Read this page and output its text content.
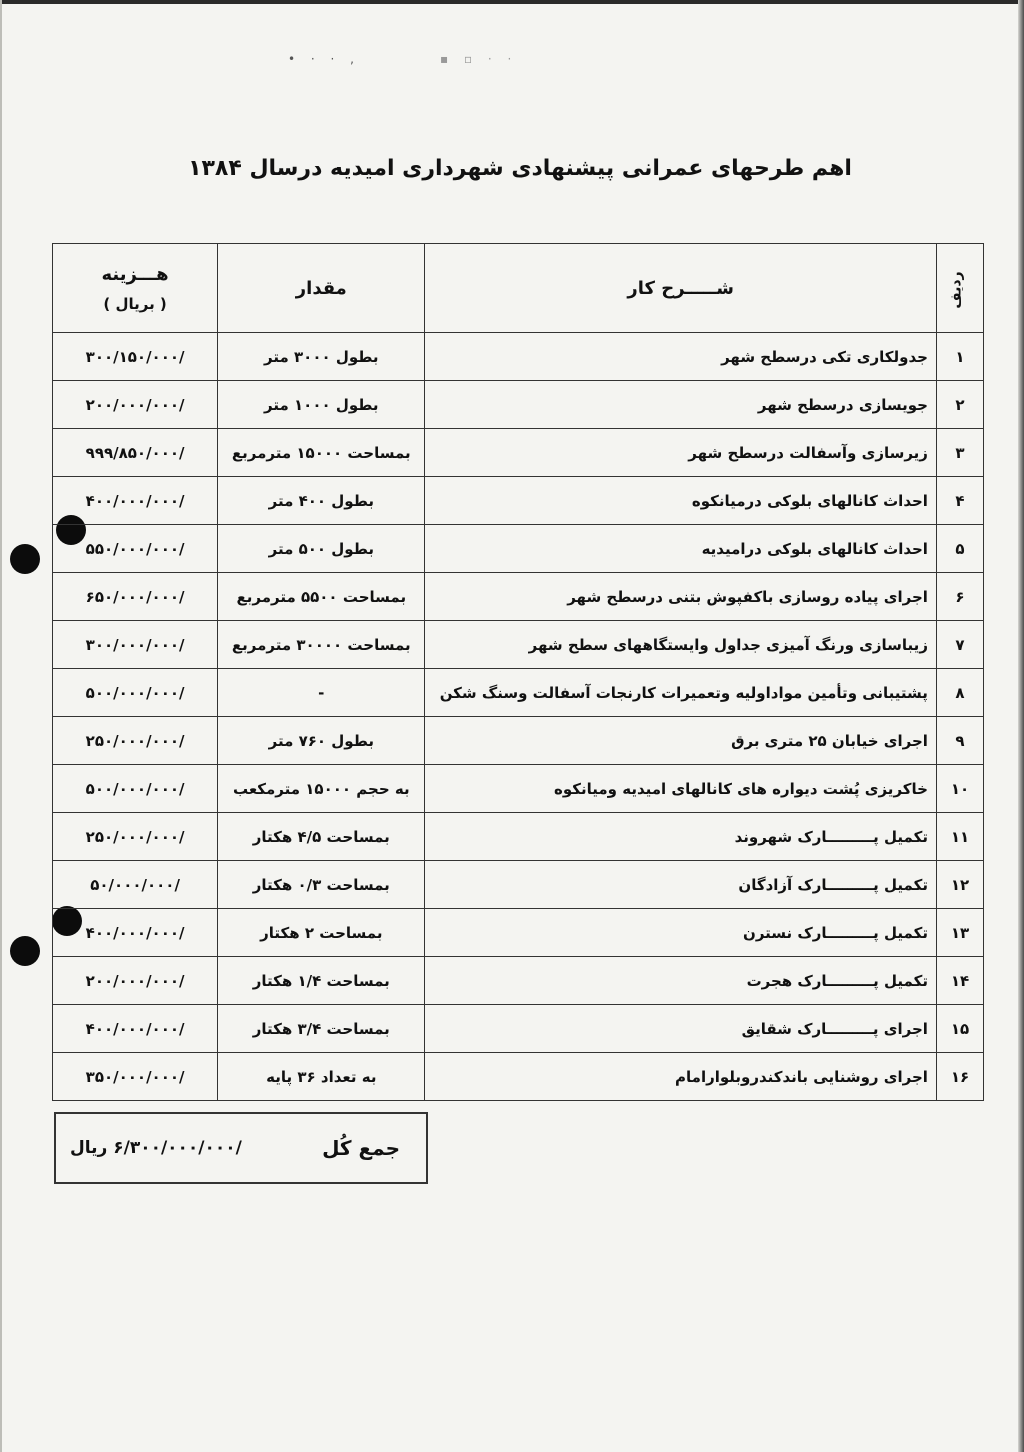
• · · ,	▪ ▫ · ·
اهم طرحهای عمرانی پیشنهادی شهرداری امیدیه درسال ۱۳۸۴
ردیف	شـــــرح کار	مقدار	هـــزینه
( بریال )

۱	جدولکاری تکی درسطح شهر	بطول ۳۰۰۰ متر	/۳۰۰/۱۵۰/۰۰۰
۲	جویسازی درسطح شهر	بطول ۱۰۰۰ متر	/۲۰۰/۰۰۰/۰۰۰
۳	زیرسازی وآسفالت درسطح شهر	بمساحت ۱۵۰۰۰ مترمربع	/۹۹۹/۸۵۰/۰۰۰
۴	احداث کانالهای بلوکی درمیانکوه	بطول ۴۰۰ متر	/۴۰۰/۰۰۰/۰۰۰
۵	احداث کانالهای بلوکی درامیدیه	بطول ۵۰۰ متر	/۵۵۰/۰۰۰/۰۰۰
۶	اجرای پیاده روسازی باکفپوش بتنی درسطح شهر	بمساحت ۵۵۰۰ مترمربع	/۶۵۰/۰۰۰/۰۰۰
۷	زیباسازی ورنگ آمیزی جداول وایستگاههای سطح شهر	بمساحت ۳۰۰۰۰ مترمربع	/۳۰۰/۰۰۰/۰۰۰
۸	پشتیبانی وتأمین مواداولیه وتعمیرات کارنجات آسفالت وسنگ شکن	-	/۵۰۰/۰۰۰/۰۰۰
۹	اجرای خیابان ۲۵ متری برق	بطول ۷۶۰ متر	/۲۵۰/۰۰۰/۰۰۰
۱۰	خاکریزی پُشت دیواره های کانالهای امیدیه ومیانکوه	به حجم ۱۵۰۰۰ مترمکعب	/۵۰۰/۰۰۰/۰۰۰
۱۱	تکمیل پـــــــــارک شهروند	بمساحت ۴/۵ هکتار	/۲۵۰/۰۰۰/۰۰۰
۱۲	تکمیل پـــــــــارک آزادگان	بمساحت ۰/۳ هکتار	/۵۰/۰۰۰/۰۰۰
۱۳	تکمیل پـــــــــارک نسترن	بمساحت ۲ هکتار	/۴۰۰/۰۰۰/۰۰۰
۱۴	تکمیل پـــــــــارک هجرت	بمساحت ۱/۴ هکتار	/۲۰۰/۰۰۰/۰۰۰
۱۵	اجرای پـــــــــارک شقایق	بمساحت ۳/۴ هکتار	/۴۰۰/۰۰۰/۰۰۰
۱۶	اجرای روشنایی باندکندروبلوارامام	به تعداد ۳۶ پایه	/۳۵۰/۰۰۰/۰۰۰
جمع کُل
/۶/۳۰۰/۰۰۰/۰۰۰ ریال
